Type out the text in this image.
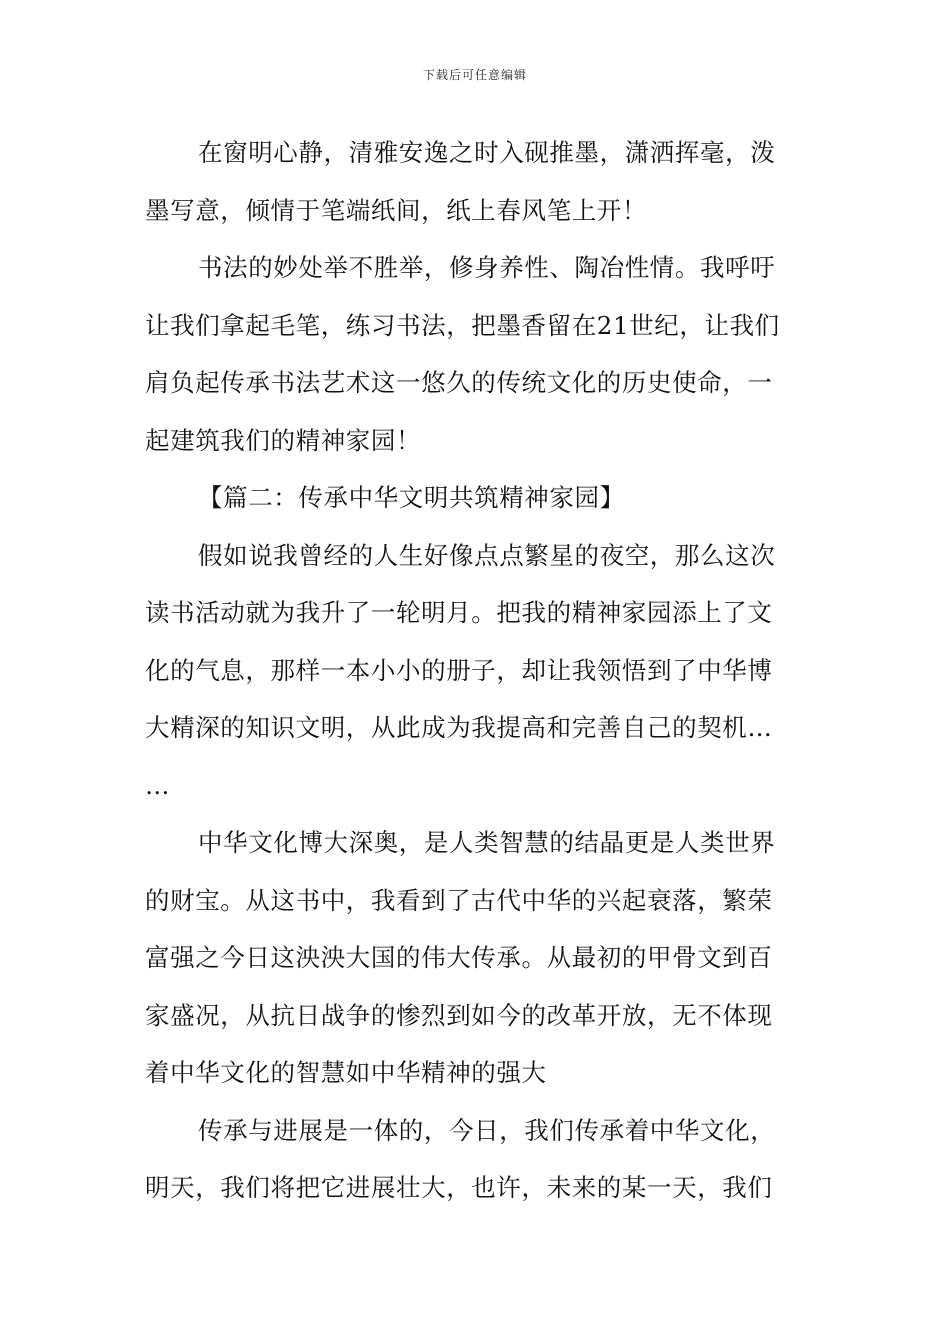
下载后可任意编辑
在窗明心静，清雅安逸之时入砚推墨，潇洒挥毫，泼
墨写意，倾情于笔端纸间，纸上春风笔上开！
书法的妙处举不胜举，修身养性、陶冶性情。我呼吁
让我们拿起毛笔，练习书法，把墨香留在21世纪，让我们
肩负起传承书法艺术这一悠久的传统文化的历史使命，一
起建筑我们的精神家园！
【篇二：传承中华文明共筑精神家园】
假如说我曾经的人生好像点点繁星的夜空，那么这次
读书活动就为我升了一轮明月。把我的精神家园添上了文
化的气息，那样一本小小的册子，却让我领悟到了中华博
大精深的知识文明，从此成为我提高和完善自己的契机…
…
中华文化博大深奥，是人类智慧的结晶更是人类世界
的财宝。从这书中，我看到了古代中华的兴起衰落，繁荣
富强之今日这泱泱大国的伟大传承。从最初的甲骨文到百
家盛况，从抗日战争的惨烈到如今的改革开放，无不体现
着中华文化的智慧如中华精神的强大
传承与进展是一体的，今日，我们传承着中华文化，
明天，我们将把它进展壮大，也许，未来的某一天，我们
